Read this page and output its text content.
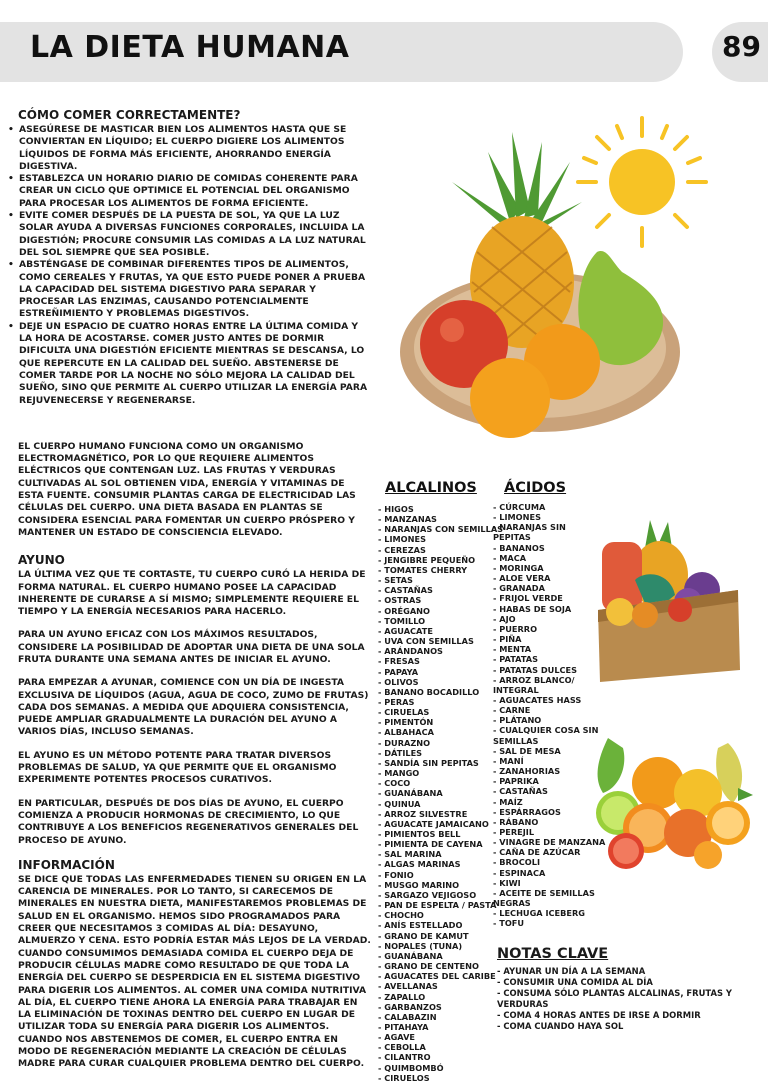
LA DIETA HUMANA	89
CÓMO COMER CORRECTAMENTE?
• ASEGÚRESE DE MASTICAR BIEN LOS ALIMENTOS HASTA QUE SE CONVIERTAN EN LÍQUIDO; EL CUERPO DIGIERE LOS ALIMENTOS LÍQUIDOS DE FORMA MÁS EFICIENTE, AHORRANDO ENERGÍA DIGESTIVA.
• ESTABLEZCA UN HORARIO DIARIO DE COMIDAS COHERENTE PARA CREAR UN CICLO QUE OPTIMICE EL POTENCIAL DEL ORGANISMO PARA PROCESAR LOS ALIMENTOS DE FORMA EFICIENTE.
• EVITE COMER DESPUÉS DE LA PUESTA DE SOL, YA QUE LA LUZ SOLAR AYUDA A DIVERSAS FUNCIONES CORPORALES, INCLUIDA LA DIGESTIÓN; PROCURE CONSUMIR LAS COMIDAS A LA LUZ NATURAL DEL SOL SIEMPRE QUE SEA POSIBLE.
• ABSTÉNGASE DE COMBINAR DIFERENTES TIPOS DE ALIMENTOS, COMO CEREALES Y FRUTAS, YA QUE ESTO PUEDE PONER A PRUEBA LA CAPACIDAD DEL SISTEMA DIGESTIVO PARA SEPARAR Y PROCESAR LAS ENZIMAS, CAUSANDO POTENCIALMENTE ESTREÑIMIENTO Y PROBLEMAS DIGESTIVOS.
• DEJE UN ESPACIO DE CUATRO HORAS ENTRE LA ÚLTIMA COMIDA Y LA HORA DE ACOSTARSE. COMER JUSTO ANTES DE DORMIR DIFICULTA UNA DIGESTIÓN EFICIENTE MIENTRAS SE DESCANSA, LO QUE REPERCUTE EN LA CALIDAD DEL SUEÑO. ABSTENERSE DE COMER TARDE POR LA NOCHE NO SÓLO MEJORA LA CALIDAD DEL SUEÑO, SINO QUE PERMITE AL CUERPO UTILIZAR LA ENERGÍA PARA REJUVENECERSE Y REGENERARSE.

EL CUERPO HUMANO FUNCIONA COMO UN ORGANISMO ELECTROMAGNÉTICO, POR LO QUE REQUIERE ALIMENTOS ELÉCTRICOS QUE CONTENGAN LUZ. LAS FRUTAS Y VERDURAS CULTIVADAS AL SOL OBTIENEN VIDA, ENERGÍA Y VITAMINAS DE ESTA FUENTE. CONSUMIR PLANTAS CARGA DE ELECTRICIDAD LAS CÉLULAS DEL CUERPO. UNA DIETA BASADA EN PLANTAS SE CONSIDERA ESENCIAL PARA FOMENTAR UN CUERPO PRÓSPERO Y MANTENER UN ESTADO DE CONSCIENCIA ELEVADO.

AYUNO

LA ÚLTIMA VEZ QUE TE CORTASTE, TU CUERPO CURÓ LA HERIDA DE FORMA NATURAL. EL CUERPO HUMANO POSEE LA CAPACIDAD INHERENTE DE CURARSE A SÍ MISMO; SIMPLEMENTE REQUIERE EL TIEMPO Y LA ENERGÍA NECESARIOS PARA HACERLO.

PARA UN AYUNO EFICAZ CON LOS MÁXIMOS RESULTADOS, CONSIDERE LA POSIBILIDAD DE ADOPTAR UNA DIETA DE UNA SOLA FRUTA DURANTE UNA SEMANA ANTES DE INICIAR EL AYUNO.

PARA EMPEZAR A AYUNAR, COMIENCE CON UN DÍA DE INGESTA EXCLUSIVA DE LÍQUIDOS (AGUA, AGUA DE COCO, ZUMO DE FRUTAS) CADA DOS SEMANAS. A MEDIDA QUE ADQUIERA CONSISTENCIA, PUEDE AMPLIAR GRADUALMENTE LA DURACIÓN DEL AYUNO A VARIOS DÍAS, INCLUSO SEMANAS.

EL AYUNO ES UN MÉTODO POTENTE PARA TRATAR DIVERSOS PROBLEMAS DE SALUD, YA QUE PERMITE QUE EL ORGANISMO EXPERIMENTE POTENTES PROCESOS CURATIVOS.

EN PARTICULAR, DESPUÉS DE DOS DÍAS DE AYUNO, EL CUERPO COMIENZA A PRODUCIR HORMONAS DE CRECIMIENTO, LO QUE CONTRIBUYE A LOS BENEFICIOS REGENERATIVOS GENERALES DEL PROCESO DE AYUNO.

INFORMACIÓN

SE DICE QUE TODAS LAS ENFERMEDADES TIENEN SU ORIGEN EN LA CARENCIA DE MINERALES. POR LO TANTO, SI CARECEMOS DE MINERALES EN NUESTRA DIETA, MANIFESTAREMOS PROBLEMAS DE SALUD EN EL ORGANISMO. HEMOS SIDO PROGRAMADOS PARA CREER QUE NECESITAMOS 3 COMIDAS AL DÍA: DESAYUNO, ALMUERZO Y CENA. ESTO PODRÍA ESTAR MÁS LEJOS DE LA VERDAD. CUANDO CONSUMIMOS DEMASIADA COMIDA EL CUERPO DEJA DE PRODUCIR CÉLULAS MADRE COMO RESULTADO DE QUE TODA LA ENERGÍA DEL CUERPO SE DESPERDICIA EN EL SISTEMA DIGESTIVO PARA DIGERIR LOS ALIMENTOS. AL COMER UNA COMIDA NUTRITIVA AL DÍA, EL CUERPO TIENE AHORA LA ENERGÍA PARA TRABAJAR EN LA ELIMINACIÓN DE TOXINAS DENTRO DEL CUERPO EN LUGAR DE UTILIZAR TODA SU ENERGÍA PARA DIGERIR LOS ALIMENTOS. CUANDO NOS ABSTENEMOS DE COMER, EL CUERPO ENTRA EN MODO DE REGENERACIÓN MEDIANTE LA CREACIÓN DE CÉLULAS MADRE PARA CURAR CUALQUIER PROBLEMA DENTRO DEL CUERPO.

ALCALINOS ÁCIDOS
- HIGOS
- MANZANAS
- NARANJAS CON SEMILLAS
- LIMONES
- CEREZAS
- JENGIBRE PEQUEÑO
- TOMATES CHERRY
- SETAS
- CASTAÑAS
- OSTRAS
- ORÉGANO
- TOMILLO
- AGUACATE
- UVA CON SEMILLAS
- ARÁNDANOS
- FRESAS
- PAPAYA
- OLIVOS
- BANANO BOCADILLO
- PERAS
- CIRUELAS
- PIMENTÓN
- ALBAHACA
- DURAZNO
- DÁTILES
- SANDÍA SIN PEPITAS
- MANGO
- COCO
- GUANÁBANA
- QUINUA
- ARROZ SILVESTRE
- AGUACATE JAMAICANO
- PIMIENTOS BELL
- PIMIENTA DE CAYENA
- SAL MARINA
- ALGAS MARINAS
- FONIO
- MUSGO MARINO
- SARGAZO VEJIGOSO
- PAN DE ESPELTA / PASTA
- CHOCHO
- ANÍS ESTELLADO
- GRANO DE KAMUT
- NOPALES (TUNA)
- GUANÁBANA
- GRANO DE CENTENO
- AGUACATES DEL CARIBE
- AVELLANAS
- ZAPALLO
- GARBANZOS
- CALABAZIN
- PITAHAYA
- AGAVE
- CEBOLLA
- CILANTRO
- QUIMBOMBÓ
- CIRUELOS
- CÚRCUMA
- LIMONES
- NARANJAS SIN
PEPITAS
- BANANOS
- MACA
- MORINGA
- ALOE VERA
- GRANADA
- FRIJOL VERDE
- HABAS DE SOJA
- AJO
- PUERRO
- PIÑA
- MENTA
- PATATAS
- PATATAS DULCES
- ARROZ BLANCO/
INTEGRAL
- AGUACATES HASS
- CARNE
- PLÁTANO
- CUALQUIER COSA SIN
SEMILLAS
- SAL DE MESA
- MANÍ
- ZANAHORIAS
- PAPRIKA
- CASTAÑAS
- MAÍZ
- ESPÁRRAGOS
- RÁBANO
- PEREJIL
- VINAGRE DE MANZANA
- CAÑA DE AZÚCAR
- BROCOLI
- ESPINACA
- KIWI
- ACEITE DE SEMILLAS
NEGRAS
- LECHUGA ICEBERG
- TOFU
NOTAS CLAVE
- AYUNAR UN DÍA A LA SEMANA
- CONSUMIR UNA COMIDA AL DÍA
- CONSUMA SÓLO PLANTAS ALCALINAS, FRUTAS Y VERDURAS
- COMA 4 HORAS ANTES DE IRSE A DORMIR
- COMA CUANDO HAYA SOL
